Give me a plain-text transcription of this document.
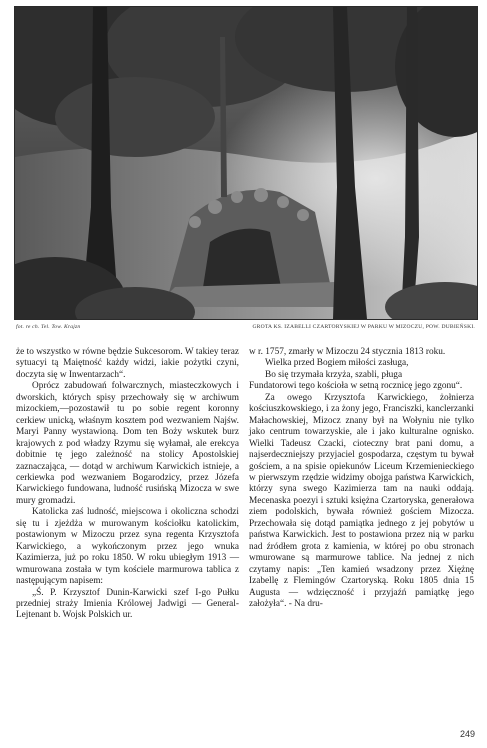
fot. re ch. Tel. Tow. Krajzn	GROTA KS. IZABELLI CZARTORYSKIEJ W PARKU W MIZOCZU, POW. DUBIEŃSKI.

że to wszystko w równe będzie Sukcesorom. W takiey teraz sytuacyi tą Maiętność każdy widzi, iakie pożytki czyni, doczyta się w Inwentarzach“.

Oprócz zabudowań folwarcznych, miasteczkowych i dworskich, których spisy przechowały się w archiwum mizockiem,—pozostawił tu po sobie regent koronny cerkiew unicką, właśnym kosztem pod wezwaniem Najśw. Maryi Panny wystawioną. Dom ten Boży wskutek burz krajowych z pod władzy Rzymu się wyłamał, ale erekcya dobitnie tę jego zależność na stolicy Apostolskiej zaznaczająca, — dotąd w archiwum Karwickich istnieje, a cerkiewka pod wezwaniem Bogarodzicy, przez Józefa Karwickiego fundowana, ludność rusińską Mizocza w swe mury gromadzi.

Katolicka zaś ludność, miejscowa i okoliczna schodzi się tu i zjeżdża w murowanym kościołku katolickim, postawionym w Mizoczu przez syna regenta Krzysztofa Karwickiego, a wykończonym przez jego wnuka Kazimierza, już po roku 1850. W roku ubiegłym 1913 — wmurowana została w tym kościele marmurowa tablica z następującym napisem:

„Ś. P. Krzysztof Dunin-Karwicki szef I-go Pułku przedniej straży Imienia Królowej Jadwigi — General-Lejtenant b. Wojsk Polskich ur.

w r. 1757, zmarły w Mizoczu 24 stycznia 1813 roku.

Wielka przed Bogiem miłości zasługa,

Bo się trzymała krzyża, szabli, pługa

Fundatorowi tego kościoła w setną rocznicę jego zgonu“.

Za owego Krzysztofa Karwickiego, żołnierza kościuszkowskiego, i za żony jego, Franciszki, kanclerzanki Małachowskiej, Mizocz znany był na Wołyniu nie tylko jako centrum towarzyskie, ale i jako kulturalne ognisko. Wielki Tadeusz Czacki, cioteczny brat pani domu, a najserdeczniejszy przyjaciel gospodarza, częstym tu bywał gościem, a na spisie opiekunów Liceum Krzemienieckiego w pierwszym rzędzie widzimy obojga państwa Karwickich, którzy syna swego Kazimierza tam na nauki oddają. Mecenaska poezyi i sztuki księżna Czartoryska, generałowa ziem podolskich, bywała również gościem Mizocza. Przechowała się dotąd pamiątka jednego z jej pobytów u państwa Karwickich. Jest to postawiona przez nią w parku nad źródłem grota z kamienia, w której po obu stronach wmurowane są marmurowe tablice. Na jednej z nich czytamy napis: „Ten kamień wsadzony przez Xiężnę Izabellę z Flemingów Czartoryską. Roku 1805 dnia 15 Augusta — wdzięczność i przyjaźń pamiątkę jego założyła“. - Na dru-

249
